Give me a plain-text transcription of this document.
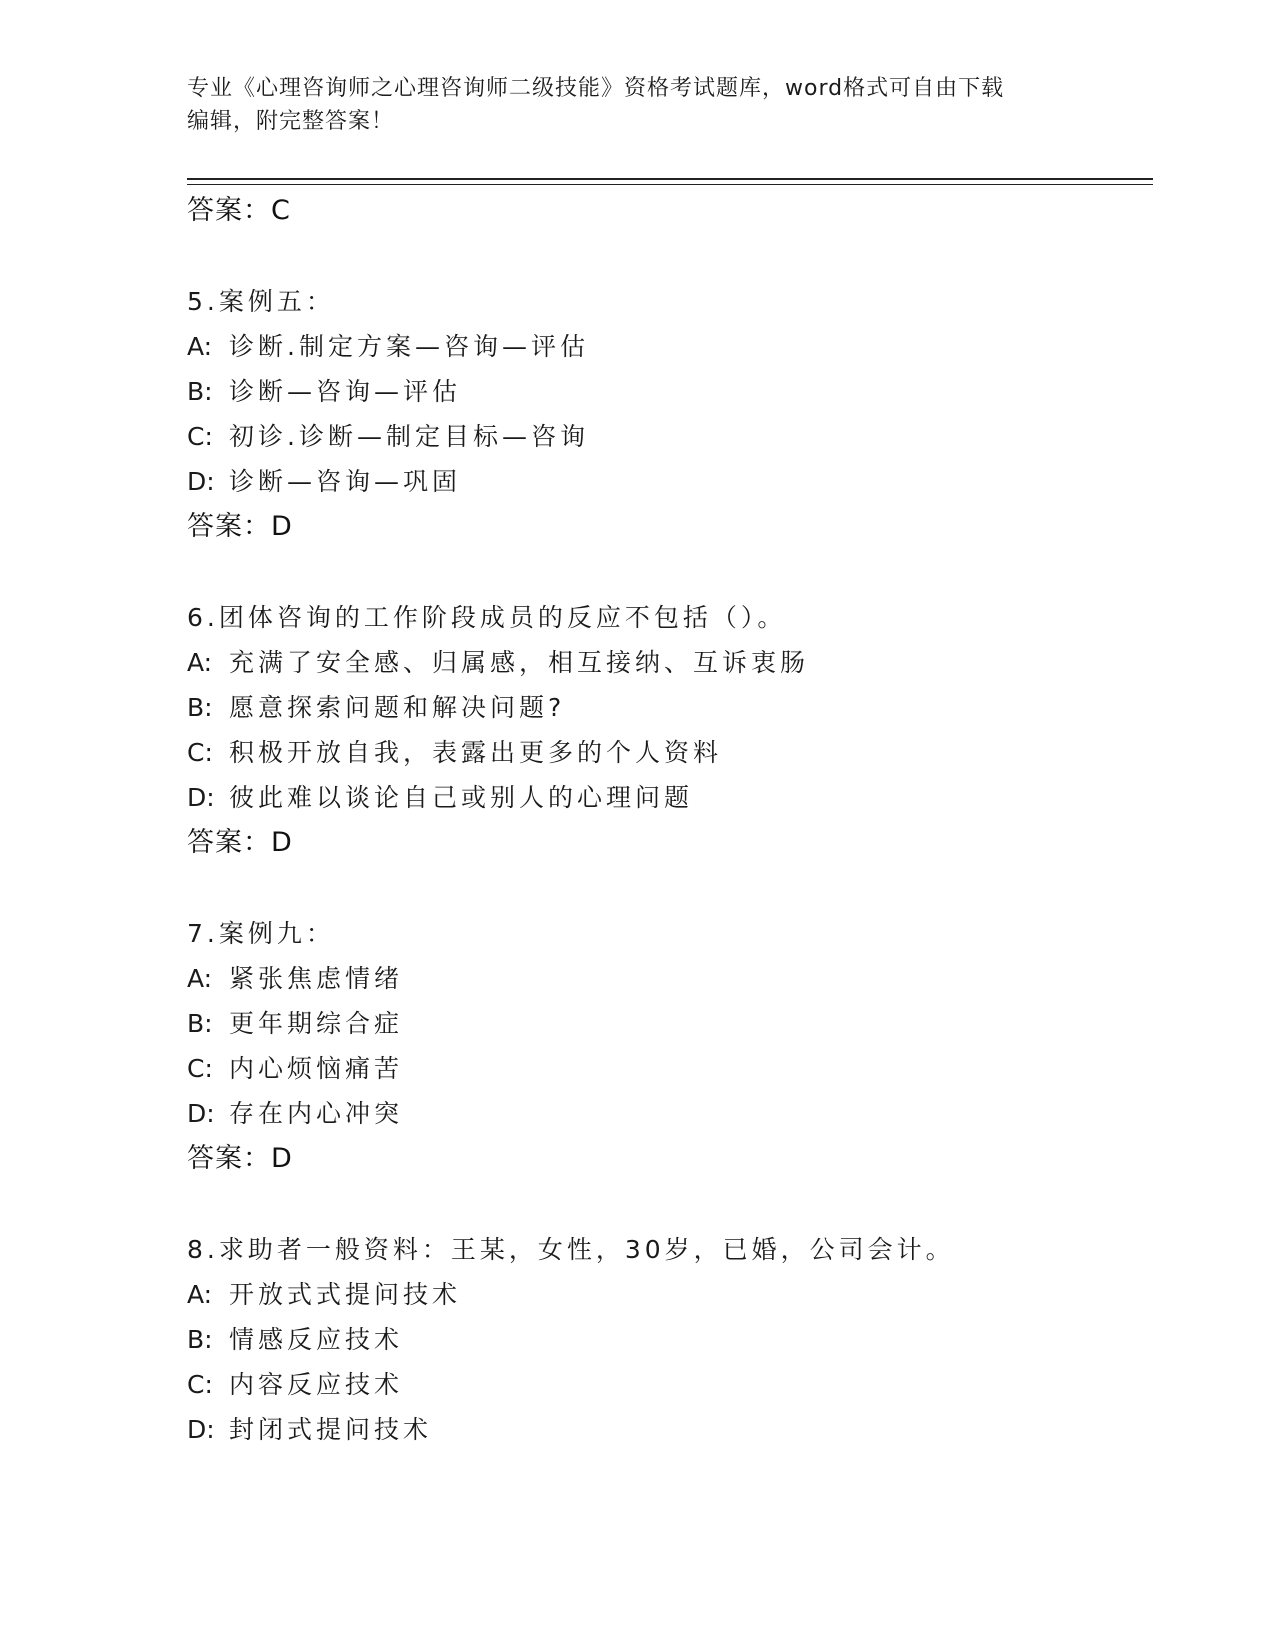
专业《心理咨询师之心理咨询师二级技能》资格考试题库，word格式可自由下载
编辑，附完整答案！
答案：C
5.案例五：
A: 诊断.制定方案—咨询—评估
B: 诊断—咨询—评估
C: 初诊.诊断—制定目标—咨询
D: 诊断—咨询—巩固
答案：D
6.团体咨询的工作阶段成员的反应不包括（）。
A: 充满了安全感、归属感，相互接纳、互诉衷肠
B: 愿意探索问题和解决问题?
C: 积极开放自我，表露出更多的个人资料
D: 彼此难以谈论自己或别人的心理问题
答案：D
7.案例九：
A: 紧张焦虑情绪
B: 更年期综合症
C: 内心烦恼痛苦
D: 存在内心冲突
答案：D
8.求助者一般资料：王某，女性，30岁，已婚，公司会计。
A: 开放式式提问技术
B: 情感反应技术
C: 内容反应技术
D: 封闭式提问技术
